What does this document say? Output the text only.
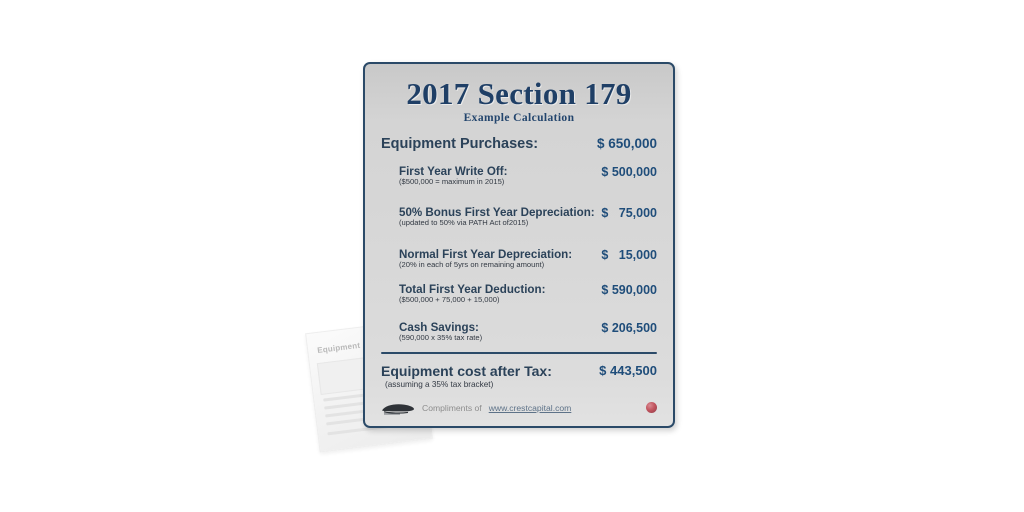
Equipment
2017 Section 179
Example Calculation
Equipment Purchases:	$ 650,000
First Year Write Off:
($500,000 = maximum in 2015)
$ 500,000
50% Bonus First Year Depreciation:
(updated to 50% via PATH Act of2015)
$   75,000
Normal First Year Depreciation:
(20% in each of 5yrs on remaining amount)
$   15,000
Total First Year Deduction:
($500,000 + 75,000 + 15,000)
$ 590,000
Cash Savings:
(590,000 x 35% tax rate)
$ 206,500
Equipment cost after Tax:
(assuming a 35% tax bracket)
$ 443,500
Compliments of www.crestcapital.com
